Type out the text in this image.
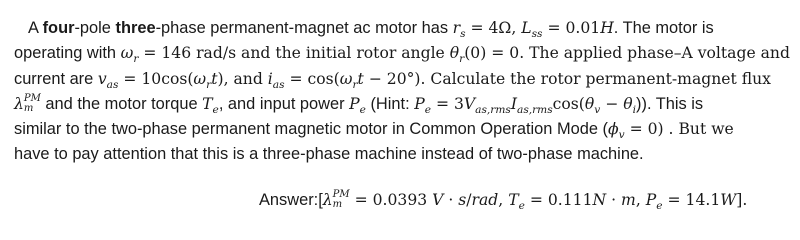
A four-pole three-phase permanent-magnet ac motor has $r_s = 4\Omega$, $L_{ss} = 0.01H$. The motor is
operating with $\omega_r = 146$ rad/s and the initial rotor angle $\theta_r(0) = 0$. The applied phase–A voltage and
current are $v_{as} = 10\cos(\omega_rt)$, and $i_{as} = \cos(\omega_rt - 20^\circ)$. Calculate the rotor permanent-magnet flux
λ PM
m and the motor torque $T_e$, and input power $P_e$ (Hint: $P_e = 3V_{as,rms}I_{as,rms}\cos(\theta_v - \theta_i)$). This is
similar to the two-phase permanent magnetic motor in Common Operation Mode $(\phi_v = 0)$ . But we
have to pay attention that this is a three-phase machine instead of two-phase machine.
Answer:[λ PM
m = 0.0393 V · s/rad, $T_e = 0.111N \cdot m$, $P_e = 14.1W$].
